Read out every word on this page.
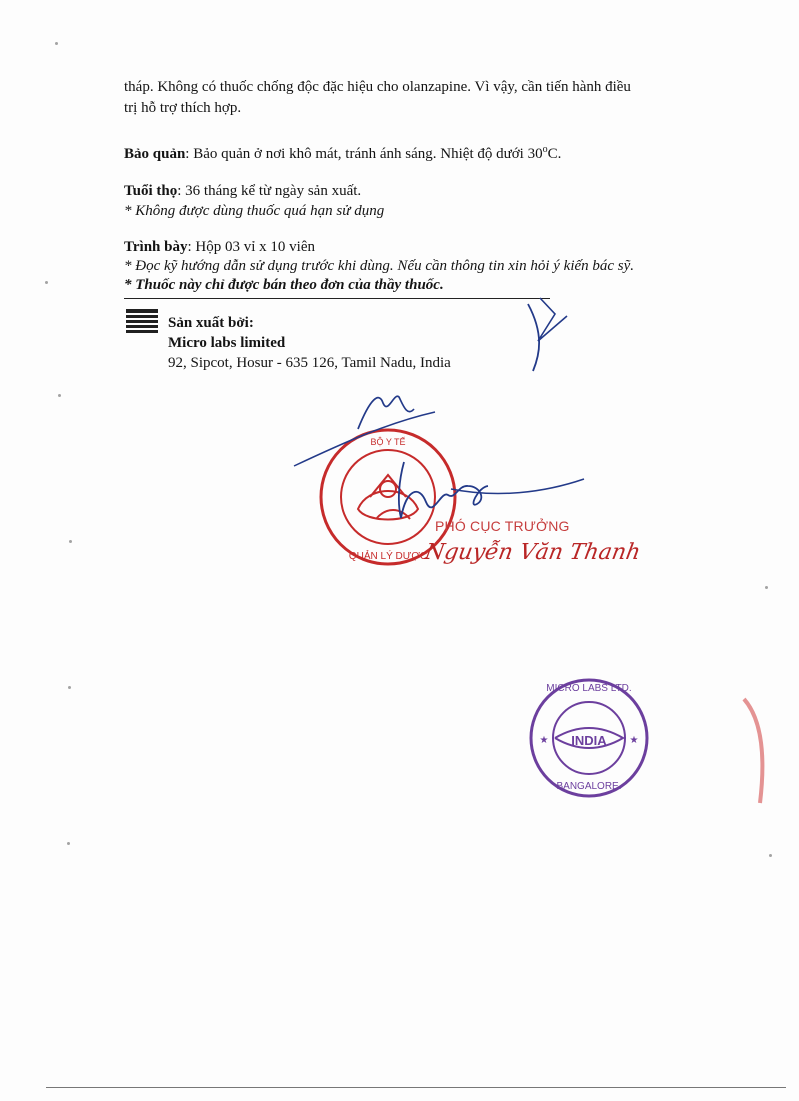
tháp. Không có thuốc chống độc đặc hiệu cho olanzapine. Vì vậy, cần tiến hành điều
trị hỗ trợ thích hợp.
Bảo quản: Bảo quản ở nơi khô mát, tránh ánh sáng. Nhiệt độ dưới 30$^o$C.
Tuổi thọ: 36 tháng kể từ ngày sản xuất.
* Không được dùng thuốc quá hạn sử dụng
Trình bày: Hộp 03 vỉ x 10 viên
* Đọc kỹ hướng dẫn sử dụng trước khi dùng. Nếu cần thông tin xin hỏi ý kiến bác sỹ.
* Thuốc này chỉ được bán theo đơn của thầy thuốc.
Sản xuất bởi:
Micro labs limited
92, Sipcot, Hosur - 635 126, Tamil Nadu, India
BỘ Y TẾ
QUẢN LÝ DƯỢC
INDIA
MICRO LABS LTD.
BANGALORE.
★	★
PHÓ CỤC TRƯỞNG
Nguyễn Văn Thanh
